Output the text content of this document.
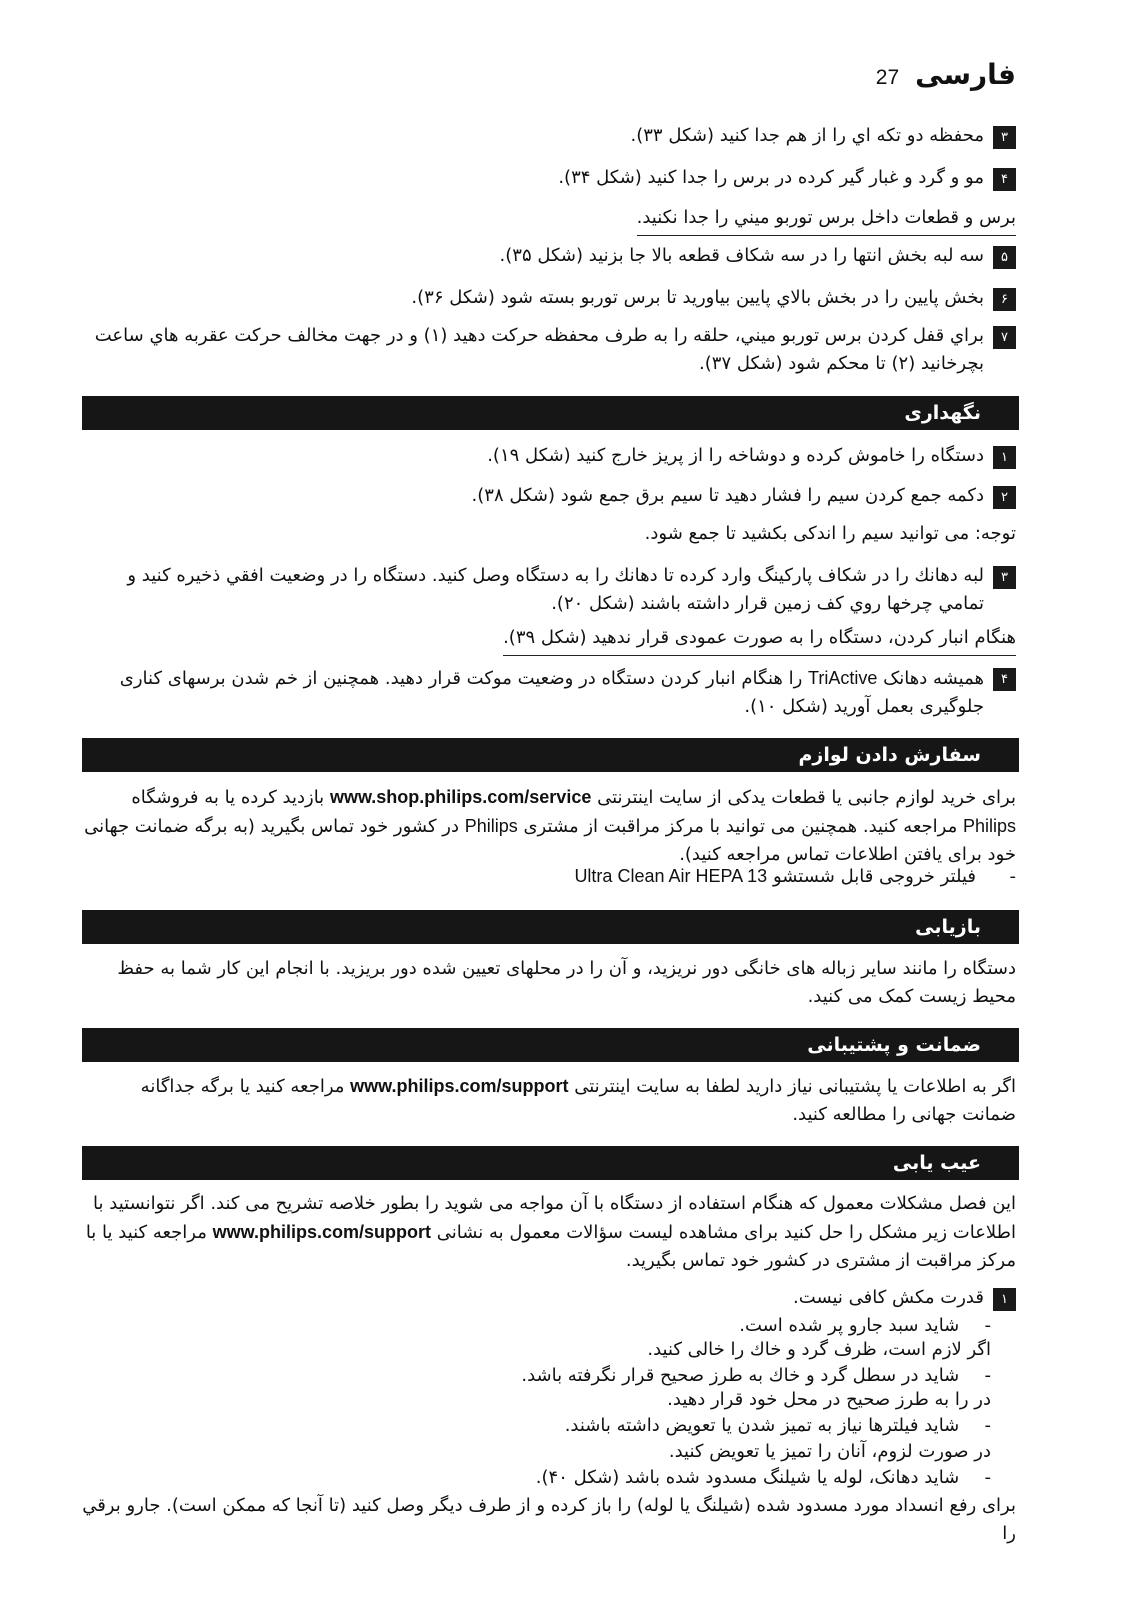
فارسی
27
۳
محفظه دو تكه اي را از هم جدا كنيد (شكل ۳۳).
۴
مو و گرد و غبار گير كرده در برس را جدا كنيد (شكل ۳۴).
برس و قطعات داخل برس توربو ميني را جدا نكنيد.
۵
سه لبه بخش انتها را در سه شكاف قطعه بالا جا بزنيد (شكل ۳۵).
۶
بخش پايين را در بخش بالاي پايين بياوريد تا برس توربو بسته شود (شكل ۳۶).
۷
براي قفل كردن برس توربو ميني، حلقه را به طرف محفظه حركت دهيد (۱) و در جهت مخالف حركت عقربه هاي ساعت بچرخانيد (۲) تا محكم شود (شكل ۳۷).
نگهداری
۱
دستگاه را خاموش كرده و دوشاخه را از پريز خارج كنيد (شكل ۱۹).
۲
دكمه جمع كردن سيم را فشار دهيد تا سيم برق جمع شود (شكل ۳۸).
توجه: می توانید سیم را اندکی بکشید تا جمع شود.
۳
لبه دهانك را در شكاف پاركينگ وارد كرده تا دهانك را به دستگاه وصل كنيد. دستگاه را در وضعيت افقي ذخيره كنيد و تمامي چرخها روي كف زمين قرار داشته باشند (شكل ۲۰).
هنگام انبار کردن، دستگاه را به صورت عمودی قرار ندهید (شکل ۳۹).
۴
همیشه دهانک TriActive را هنگام انبار کردن دستگاه در وضعیت موکت قرار دهید. همچنین از خم شدن برسهای کناری جلوگیری بعمل آورید (شکل ۱۰).
سفارش دادن لوازم
برای خرید لوازم جانبی یا قطعات یدکی از سایت اینترنتی www.shop.philips.com/service بازدید کرده یا به فروشگاه Philips مراجعه کنید. همچنین می توانید با مرکز مراقبت از مشتری Philips در کشور خود تماس بگیرید (به برگه ضمانت جهانی خود برای یافتن اطلاعات تماس مراجعه کنید).
-فیلتر خروجی قابل شستشو Ultra Clean Air HEPA 13
بازیابی
دستگاه را مانند سایر زباله های خانگی دور نریزید، و آن را در محلهای تعیین شده دور بریزید. با انجام این کار شما به حفظ محیط زیست کمک می کنید.
ضمانت و پشتیبانی
اگر به اطلاعات یا پشتیبانی نیاز دارید لطفا به سایت اینترنتی www.philips.com/support مراجعه کنید یا برگه جداگانه ضمانت جهانی را مطالعه کنید.
عیب یابی
این فصل مشکلات معمول که هنگام استفاده از دستگاه با آن مواجه می شوید را بطور خلاصه تشریح می کند. اگر نتوانستید با اطلاعات زیر مشکل را حل کنید برای مشاهده لیست سؤالات معمول به نشانی www.philips.com/support مراجعه کنید یا با مرکز مراقبت از مشتری در کشور خود تماس بگیرید.
۱
قدرت مكش كافی نيست.
- شايد سبد جارو پر شده است.
اگر لازم است، ظرف گرد و خاك را خالی كنيد.
- شايد در سطل گرد و خاك به طرز صحيح قرار نگرفته باشد.
در را به طرز صحيح در محل خود قرار دهيد.
- شايد فيلترها نياز به تميز شدن يا تعويض داشته باشند.
در صورت لزوم، آنان را تميز يا تعويض كنيد.
- شاید دهانک، لوله یا شیلنگ مسدود شده باشد (شکل ۴۰).
برای رفع انسداد مورد مسدود شده (شیلنگ یا لوله) را باز کرده و از طرف دیگر وصل کنید (تا آنجا که ممکن است). جارو برقي را
